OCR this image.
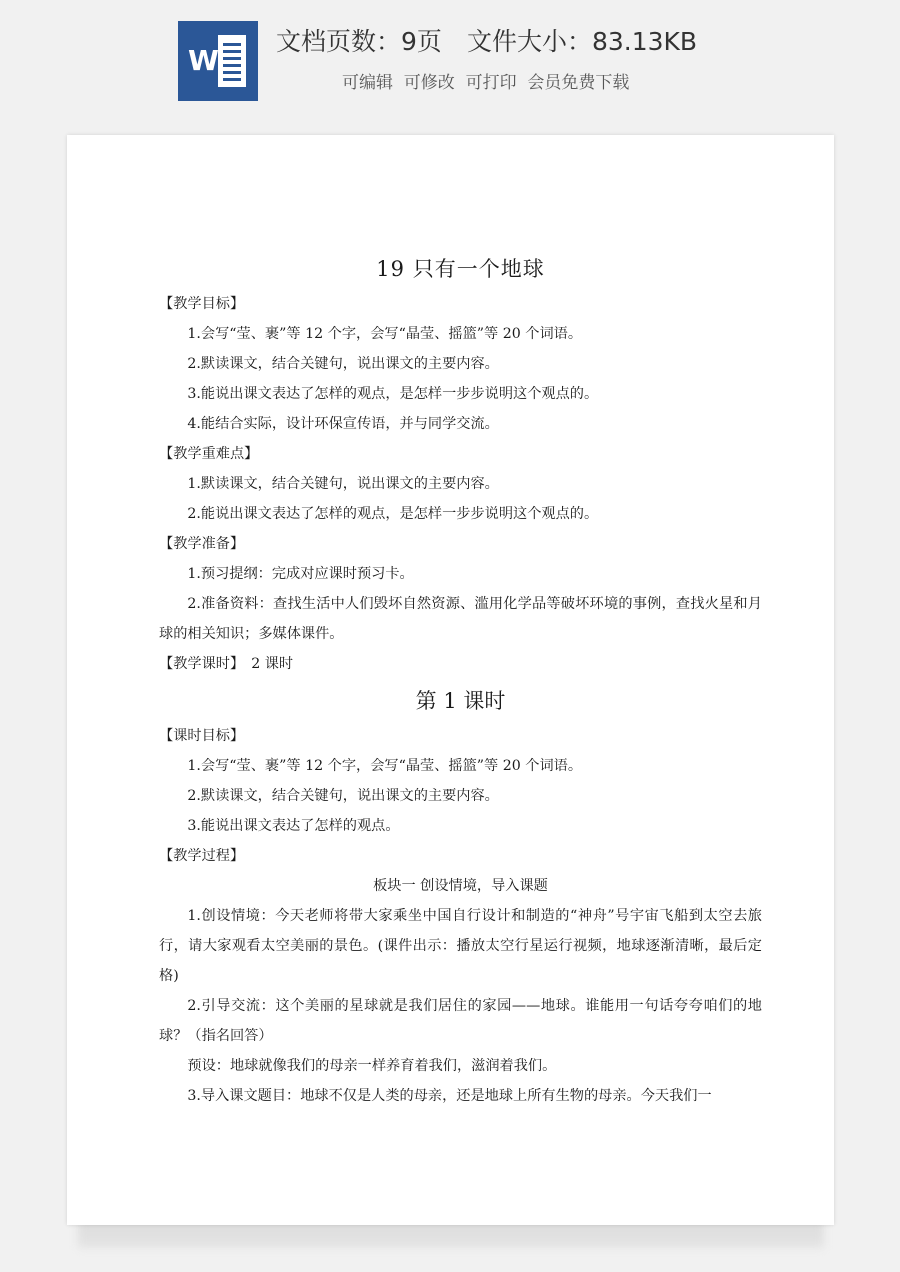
W
文档页数：9页　 文件大小：83.13KB
可编辑  可修改  可打印  会员免费下载
19 只有一个地球

【教学目标】

1.会写“莹、裹”等 12 个字，会写“晶莹、摇篮”等 20 个词语。

2.默读课文，结合关键句，说出课文的主要内容。

3.能说出课文表达了怎样的观点，是怎样一步步说明这个观点的。

4.能结合实际，设计环保宣传语，并与同学交流。

【教学重难点】

1.默读课文，结合关键句，说出课文的主要内容。

2.能说出课文表达了怎样的观点，是怎样一步步说明这个观点的。

【教学准备】

1.预习提纲：完成对应课时预习卡。

2.准备资料：查找生活中人们毁坏自然资源、滥用化学品等破坏环境的事例，查找火星和月球的相关知识；多媒体课件。

【教学课时】　2 课时

第 1 课时

【课时目标】

1.会写“莹、裹”等 12 个字，会写“晶莹、摇篮”等 20 个词语。

2.默读课文，结合关键句，说出课文的主要内容。

3.能说出课文表达了怎样的观点。

【教学过程】

板块一 创设情境，导入课题

1.创设情境：今天老师将带大家乘坐中国自行设计和制造的“神舟”号宇宙飞船到太空去旅行，请大家观看太空美丽的景色。(课件出示：播放太空行星运行视频，地球逐渐清晰，最后定格)

2.引导交流：这个美丽的星球就是我们居住的家园——地球。谁能用一句话夸夸咱们的地球？（指名回答）

预设：地球就像我们的母亲一样养育着我们，滋润着我们。

3.导入课文题目：地球不仅是人类的母亲，还是地球上所有生物的母亲。今天我们一
